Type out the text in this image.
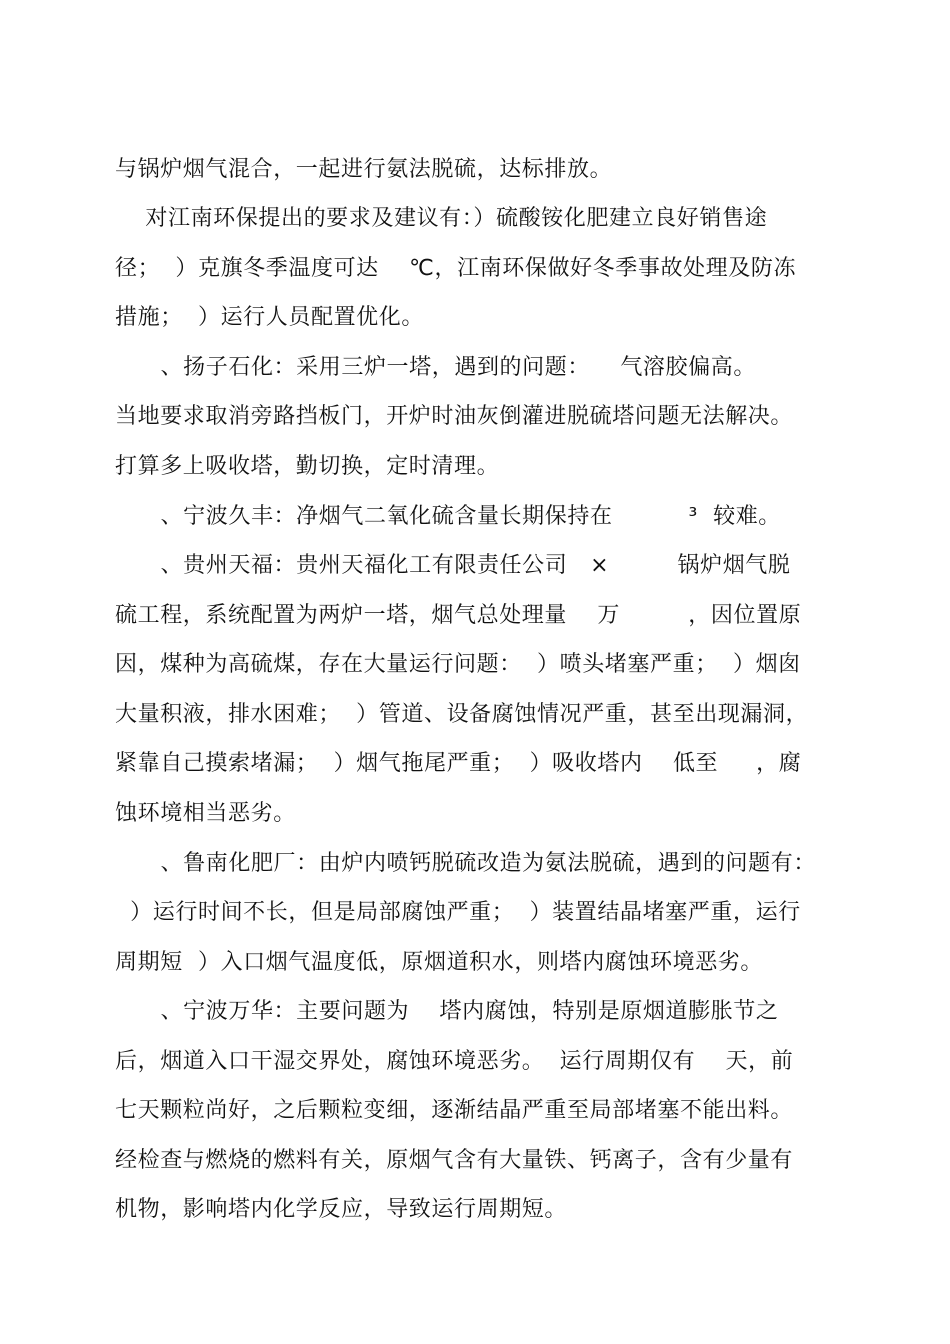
与锅炉烟气混合，一起进行氨法脱硫，达标排放。
对江南环保提出的要求及建议有：）硫酸铵化肥建立良好销售途
径；  ）克旗冬季温度可达    ℃，江南环保做好冬季事故处理及防冻
措施；  ）运行人员配置优化。
、扬子石化：采用三炉一塔，遇到的问题：    气溶胶偏高。
当地要求取消旁路挡板门，开炉时油灰倒灌进脱硫塔问题无法解决。
打算多上吸收塔，勤切换，定时清理。
、宁波久丰：净烟气二氧化硫含量长期保持在          ³  较难。
、贵州天福：贵州天福化工有限责任公司   ×         锅炉烟气脱
硫工程，系统配置为两炉一塔，烟气总处理量    万         ，因位置原
因，煤种为高硫煤，存在大量运行问题：  ）喷头堵塞严重；  ）烟囱
大量积液，排水困难；  ）管道、设备腐蚀情况严重，甚至出现漏洞，
紧靠自己摸索堵漏；  ）烟气拖尾严重；  ）吸收塔内    低至     ，腐
蚀环境相当恶劣。
、鲁南化肥厂：由炉内喷钙脱硫改造为氨法脱硫，遇到的问题有：
）运行时间不长，但是局部腐蚀严重；  ）装置结晶堵塞严重，运行
周期短  ）入口烟气温度低，原烟道积水，则塔内腐蚀环境恶劣。
、宁波万华：主要问题为    塔内腐蚀，特别是原烟道膨胀节之
后，烟道入口干湿交界处，腐蚀环境恶劣。  运行周期仅有    天，前
七天颗粒尚好，之后颗粒变细，逐渐结晶严重至局部堵塞不能出料。
经检查与燃烧的燃料有关，原烟气含有大量铁、钙离子，含有少量有
机物，影响塔内化学反应，导致运行周期短。
